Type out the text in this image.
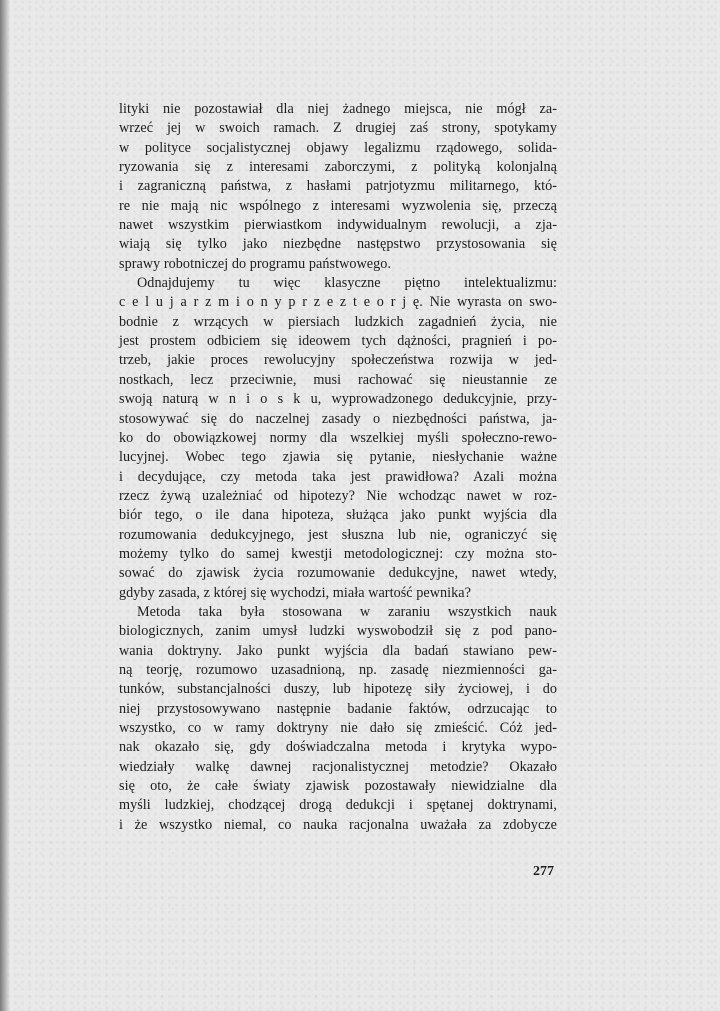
lityki nie pozostawiał dla niej żadnego miejsca, nie mógł za-
wrzeć jej w swoich ramach. Z drugiej zaś strony, spotykamy
w polityce socjalistycznej objawy legalizmu rządowego, solida-
ryzowania się z interesami zaborczymi, z polityką kolonjalną
i zagraniczną państwa, z hasłami patrjotyzmu militarnego, któ-
re nie mają nic wspólnego z interesami wyzwolenia się, przeczą
nawet wszystkim pierwiastkom indywidualnym rewolucji, a zja-
wiają się tylko jako niezbędne następstwo przystosowania się
sprawy robotniczej do programu państwowego.
Odnajdujemy tu więc klasyczne piętno intelektualizmu:
c e l u j a r z m i o n y p r z e z t e o r j ę. Nie wyrasta on swo-
bodnie z wrzących w piersiach ludzkich zagadnień życia, nie
jest prostem odbiciem się ideowem tych dążności, pragnień i po-
trzeb, jakie proces rewolucyjny społeczeństwa rozwija w jed-
nostkach, lecz przeciwnie, musi rachować się nieustannie ze
swoją naturą w n i o s k u, wyprowadzonego dedukcyjnie, przy-
stosowywać się do naczelnej zasady o niezbędności państwa, ja-
ko do obowiązkowej normy dla wszelkiej myśli społeczno-rewo-
lucyjnej. Wobec tego zjawia się pytanie, niesłychanie ważne
i decydujące, czy metoda taka jest prawidłowa? Azali można
rzecz żywą uzależniać od hipotezy? Nie wchodząc nawet w roz-
biór tego, o ile dana hipoteza, służąca jako punkt wyjścia dla
rozumowania dedukcyjnego, jest słuszna lub nie, ograniczyć się
możemy tylko do samej kwestji metodologicznej: czy można sto-
sować do zjawisk życia rozumowanie dedukcyjne, nawet wtedy,
gdyby zasada, z której się wychodzi, miała wartość pewnika?
Metoda taka była stosowana w zaraniu wszystkich nauk
biologicznych, zanim umysł ludzki wyswobodził się z pod pano-
wania doktryny. Jako punkt wyjścia dla badań stawiano pew-
ną teorję, rozumowo uzasadnioną, np. zasadę niezmienności ga-
tunków, substancjalności duszy, lub hipotezę siły życiowej, i do
niej przystosowywano następnie badanie faktów, odrzucając to
wszystko, co w ramy doktryny nie dało się zmieścić. Cóż jed-
nak okazało się, gdy doświadczalna metoda i krytyka wypo-
wiedziały walkę dawnej racjonalistycznej metodzie? Okazało
się oto, że całe światy zjawisk pozostawały niewidzialne dla
myśli ludzkiej, chodzącej drogą dedukcji i spętanej doktrynami,
i że wszystko niemal, co nauka racjonalna uważała za zdobycze
277
